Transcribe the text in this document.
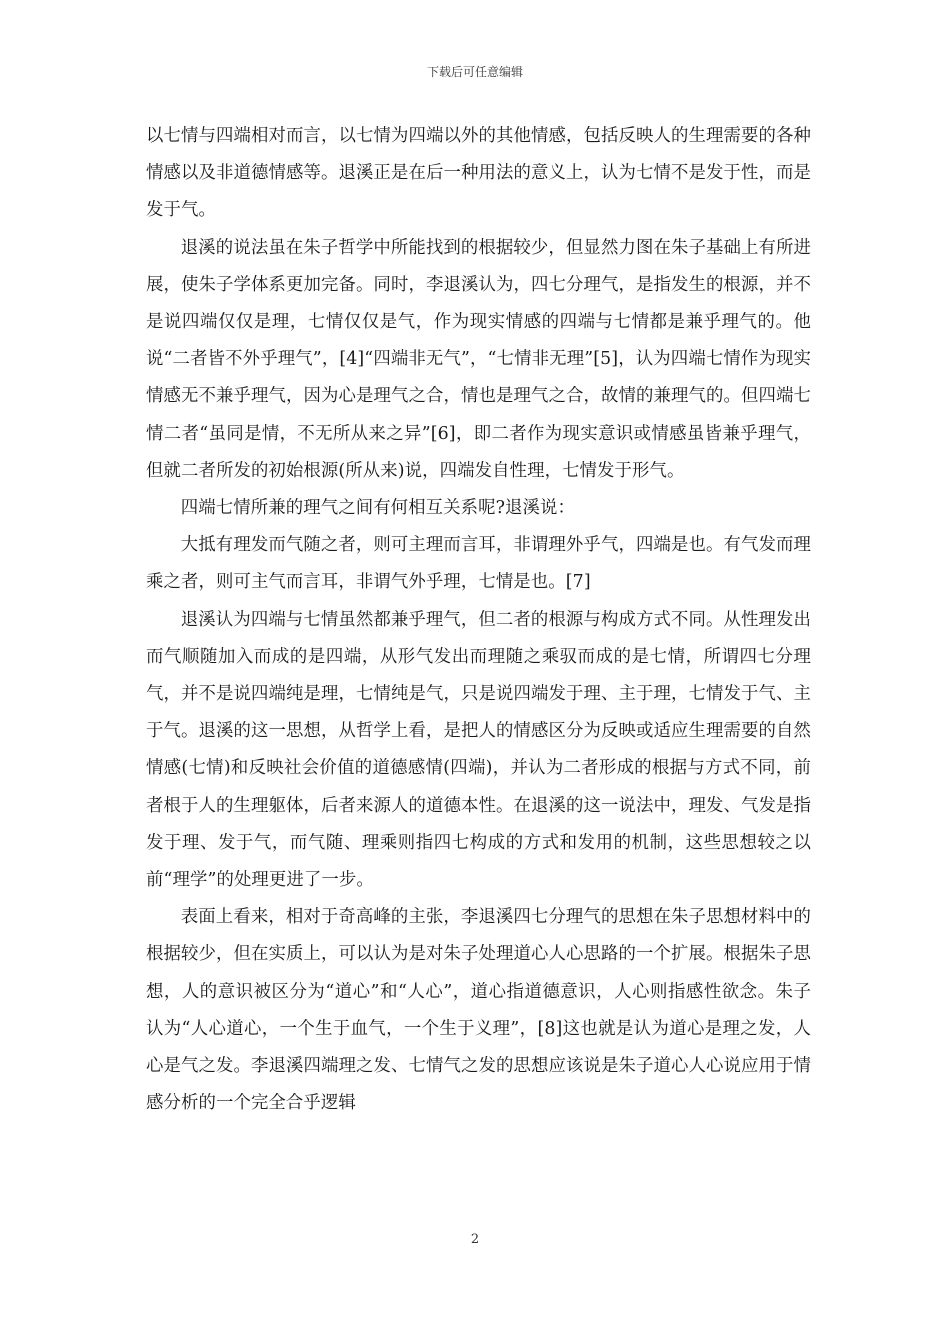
下载后可任意编辑

以七情与四端相对而言，以七情为四端以外的其他情感，包括反映人的生理需要的各种情感以及非道德情感等。退溪正是在后一种用法的意义上，认为七情不是发于性，而是发于气。

退溪的说法虽在朱子哲学中所能找到的根据较少，但显然力图在朱子基础上有所进展，使朱子学体系更加完备。同时，李退溪认为，四七分理气，是指发生的根源，并不是说四端仅仅是理，七情仅仅是气，作为现实情感的四端与七情都是兼乎理气的。他说“二者皆不外乎理气”，[4]“四端非无气”，“七情非无理”[5]，认为四端七情作为现实情感无不兼乎理气，因为心是理气之合，情也是理气之合，故情的兼理气的。但四端七情二者“虽同是情，不无所从来之异”[6]，即二者作为现实意识或情感虽皆兼乎理气，但就二者所发的初始根源(所从来)说，四端发自性理，七情发于形气。

四端七情所兼的理气之间有何相互关系呢?退溪说：

大抵有理发而气随之者，则可主理而言耳，非谓理外乎气，四端是也。有气发而理乘之者，则可主气而言耳，非谓气外乎理，七情是也。[7]

退溪认为四端与七情虽然都兼乎理气，但二者的根源与构成方式不同。从性理发出而气顺随加入而成的是四端，从形气发出而理随之乘驭而成的是七情，所谓四七分理气，并不是说四端纯是理，七情纯是气，只是说四端发于理、主于理，七情发于气、主于气。退溪的这一思想，从哲学上看，是把人的情感区分为反映或适应生理需要的自然情感(七情)和反映社会价值的道德感情(四端)，并认为二者形成的根据与方式不同，前者根于人的生理躯体，后者来源人的道德本性。在退溪的这一说法中，理发、气发是指发于理、发于气，而气随、理乘则指四七构成的方式和发用的机制，这些思想较之以前“理学”的处理更进了一步。

表面上看来，相对于奇高峰的主张，李退溪四七分理气的思想在朱子思想材料中的根据较少，但在实质上，可以认为是对朱子处理道心人心思路的一个扩展。根据朱子思想，人的意识被区分为“道心”和“人心”，道心指道德意识，人心则指感性欲念。朱子认为“人心道心，一个生于血气，一个生于义理”，[8]这也就是认为道心是理之发，人心是气之发。李退溪四端理之发、七情气之发的思想应该说是朱子道心人心说应用于情感分析的一个完全合乎逻辑

2
